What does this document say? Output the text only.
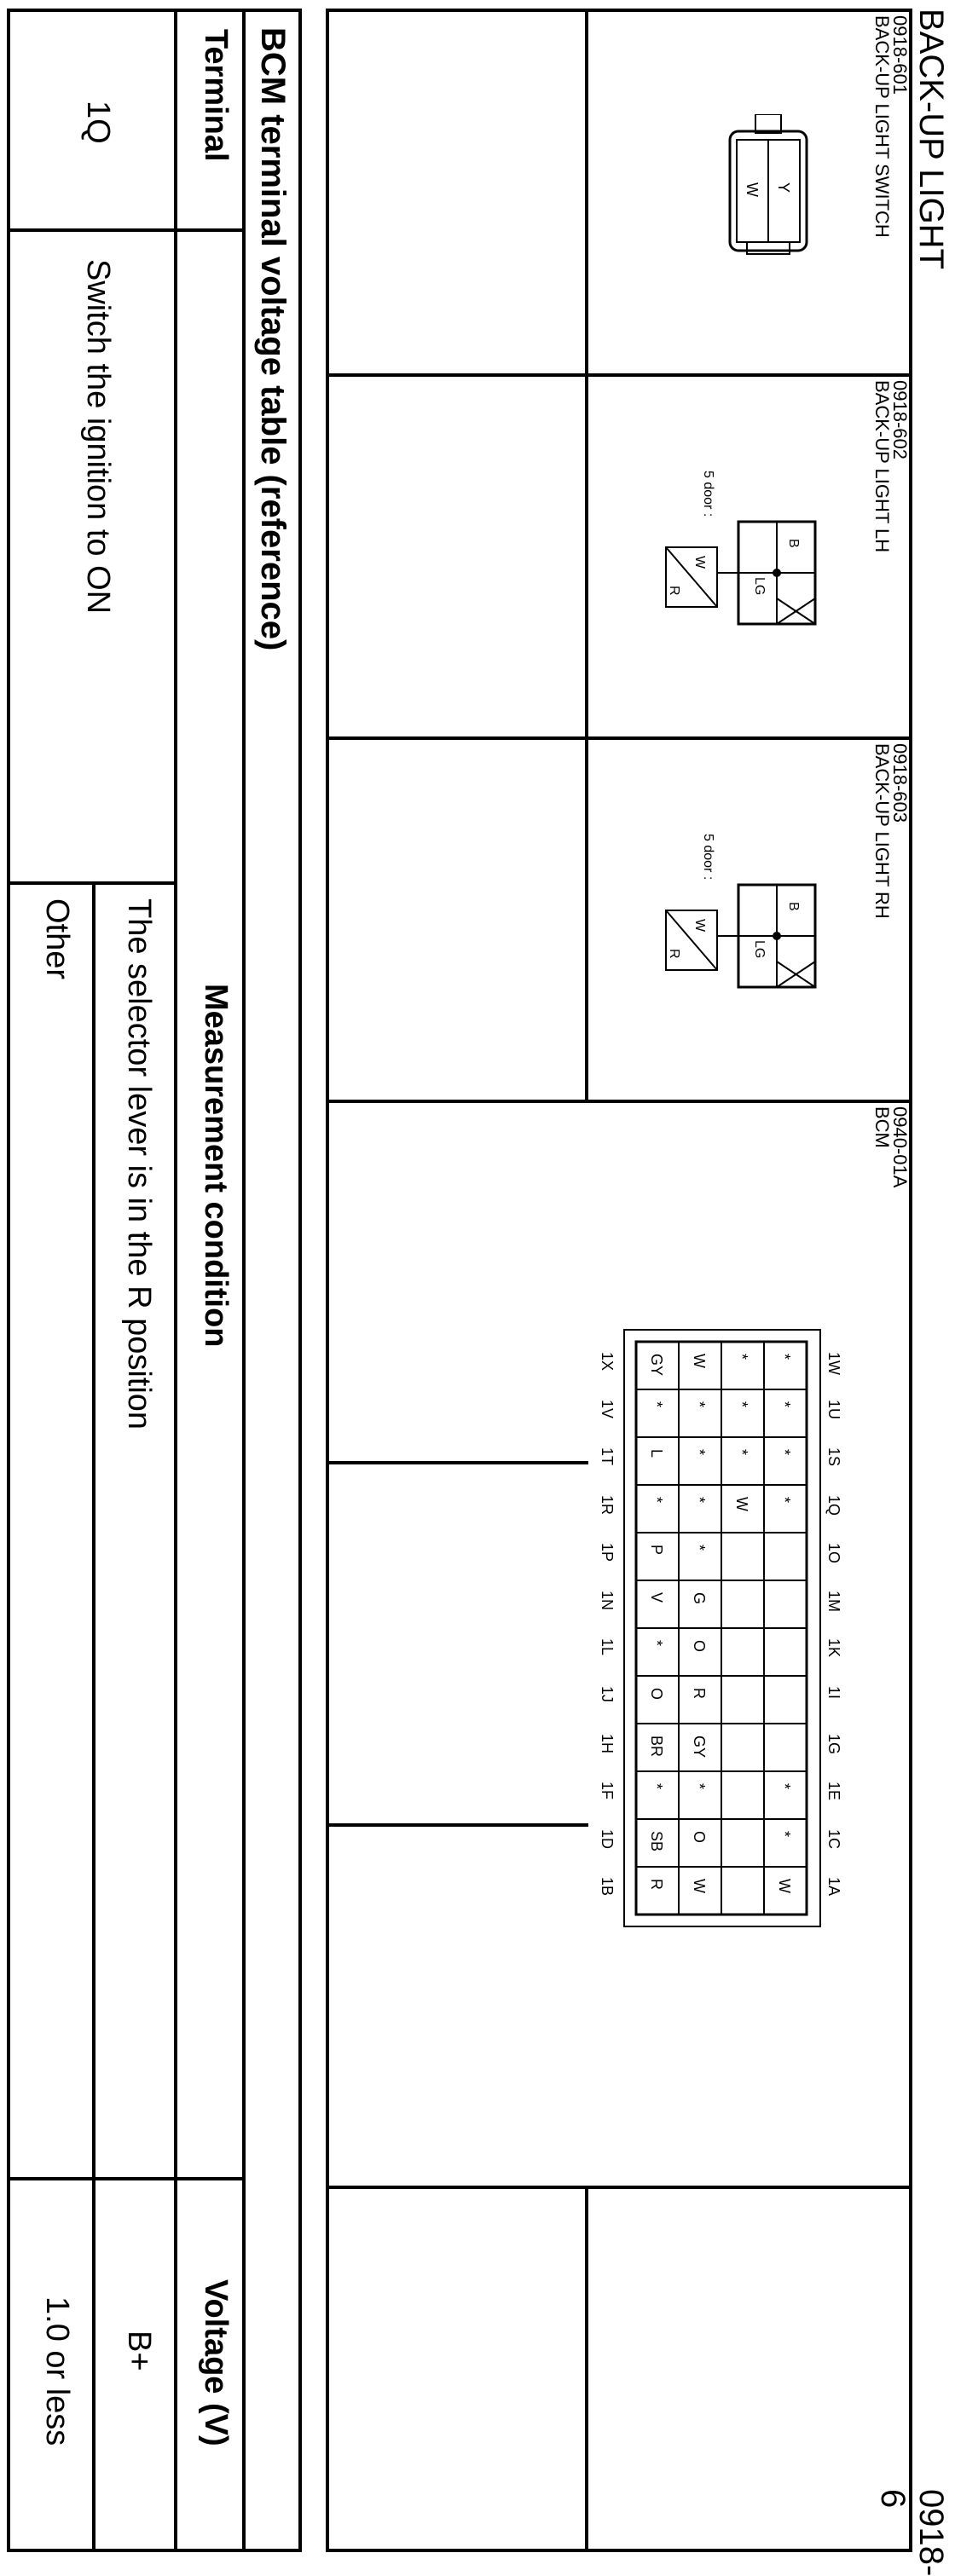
BACK-UP LIGHT
0918-6
0918-601
BACK-UP LIGHT SWITCH
Y
W
0918-602
BACK-UP LIGHT LH
B
LG
5 door :
W
R
0918-603
BACK-UP LIGHT RH
B
LG
5 door :
W
R
0940-01A
BCM
1W
1U
1S
1Q
1O
1M
1K
1I
1G
1E
1C
1A
1X
1V
1T
1R
1P
1N
1L
1J
1H
1F
1D
1B
*
*
*
*
*
*
W
*
*
*
W
W
*
*
*
*
G
O
R
GY
*
O
W
GY
*
L
*
P
V
*
O
BR
*
SB
R
BCM terminal voltage table (reference)
Terminal
Measurement condition
Voltage (V)
1Q
Switch the ignition to ON
The selector lever is in the R position
B+
Other
1.0 or less
